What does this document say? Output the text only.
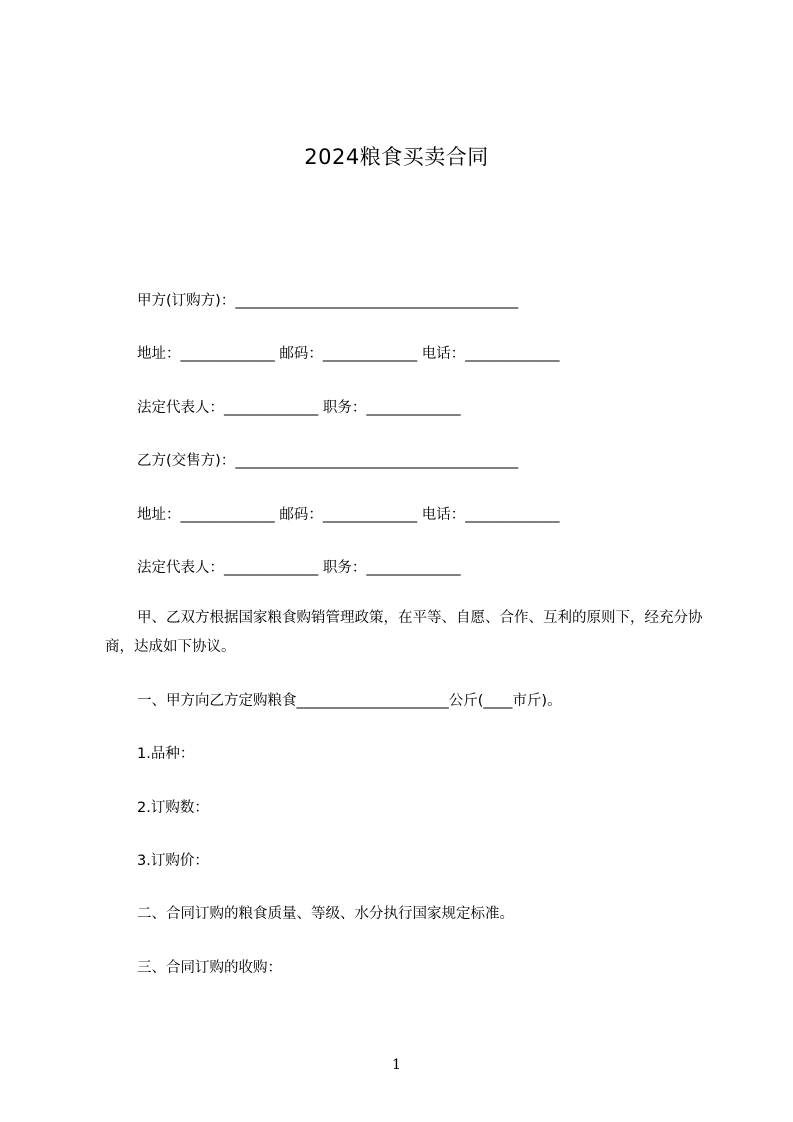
2024粮食买卖合同
甲方(订购方)：_______________________________________
地址：_____________ 邮码：_____________ 电话：_____________
法定代表人：_____________ 职务：_____________
乙方(交售方)：_______________________________________
地址：_____________ 邮码：_____________ 电话：_____________
法定代表人：_____________ 职务：_____________
甲、乙双方根据国家粮食购销管理政策，在平等、自愿、合作、互利的原则下，经充分协商，达成如下协议。
一、甲方向乙方定购粮食_____________________公斤(____市斤)。
1.品种：
2.订购数：
3.订购价：
二、合同订购的粮食质量、等级、水分执行国家规定标准。
三、合同订购的收购：
1
